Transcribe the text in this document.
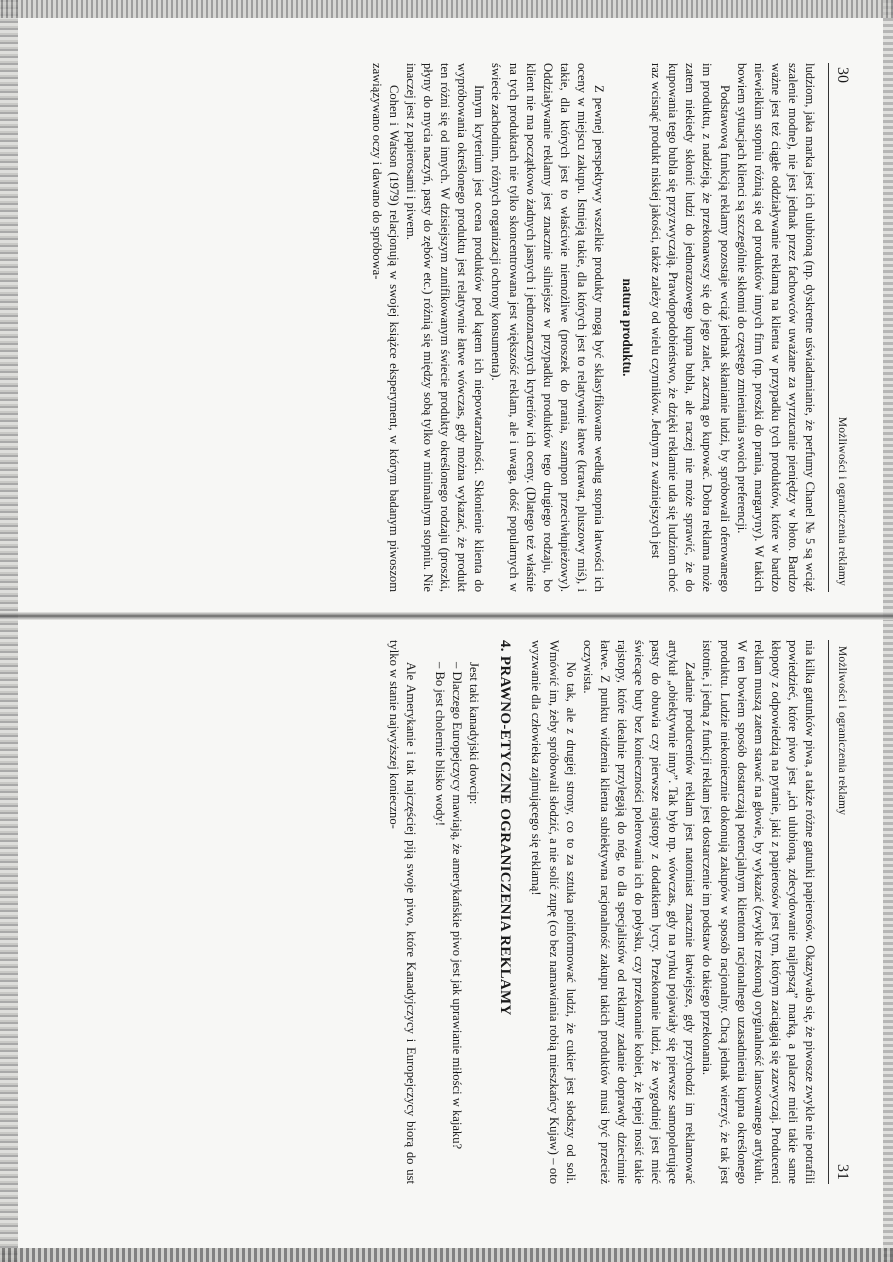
30
Możliwości i ograniczenia reklamy

ludziom, jaka marka jest ich ulubioną (np. dyskretne uświadamianie, że perfumy Chanel № 5 są wciąż szalenie modne), nie jest jednak przez fachowców uważane za wyrzucanie pieniędzy w błoto. Bardzo ważne jest też ciągłe oddziaływanie reklamą na klienta w przypadku tych produktów, które w bardzo niewielkim stopniu różnią się od produktów innych firm (np. proszki do prania, margaryny). W takich bowiem sytuacjach klienci są szczególnie skłonni do częstego zmieniania swoich preferencji.

Podstawową funkcją reklamy pozostaje wciąż jednak skłanianie ludzi, by spróbowali oferowanego im produktu, z nadzieją, że przekonawszy się do jego zalet, zaczną go kupować. Dobra reklama może zatem niekiedy skłonić ludzi do jednorazowego kupna bubla, ale raczej nie może sprawić, że do kupowania tego bubla się przyzwyczają. Prawdopodobieństwo, że dzięki reklamie uda się ludziom choć raz wcisnąć produkt niskiej jakości, także zależy od wielu czynników. Jednym z ważniejszych jest

natura produktu.

Z pewnej perspektywy wszelkie produkty mogą być sklasyfikowane według stopnia łatwości ich oceny w miejscu zakupu. Istnieją takie, dla których jest to relatywnie łatwe (krawat, pluszowy miś), i takie, dla których jest to właściwie niemożliwe (proszek do prania, szampon przeciwłupieżowy). Oddziaływanie reklamy jest znacznie silniejsze w przypadku produktów tego drugiego rodzaju, bo klient nie ma początkowo żadnych jasnych i jednoznacznych kryteriów ich oceny. (Dlatego też właśnie na tych produktach nie tylko skoncentrowana jest większość reklam, ale i uwaga, dość popularnych w świecie zachodnim, różnych organizacji ochrony konsumenta).

Innym kryterium jest ocena produktów pod kątem ich niepowtarzalności. Skłonienie klienta do wypróbowania określonego produktu jest relatywnie łatwe wówczas, gdy można wykazać, że produkt ten różni się od innych. W dzisiejszym zunifikowanym świecie produkty określonego rodzaju (proszki, płyny do mycia naczyń, pasty do zębów etc.) różnią się między sobą tylko w minimalnym stopniu. Nie inaczej jest z papierosami i piwem.

Cohen i Watson (1979) relacjonują w swojej książce eksperyment, w którym badanym piwoszom zawiązywano oczy i dawano do spróbowa-

Możliwości i ograniczenia reklamy
31

nia kilka gatunków piwa, a także różne gatunki papierosów. Okazywało się, że piwosze zwykle nie potrafili powiedzieć, które piwo jest „ich ulubioną, zdecydowanie najlepszą” marką, a palacze mieli takie same kłopoty z odpowiedzią na pytanie, jaki z papierosów jest tym, którym zaciągają się zazwyczaj. Producenci reklam muszą zatem stawać na głowie, by wykazać (zwykle rzekomą) oryginalność lansowanego artykułu. W ten bowiem sposób dostarczają potencjalnym klientom racjonalnego uzasadnienia kupna określonego produktu. Ludzie niekoniecznie dokonują zakupów w sposób racjonalny. Chcą jednak wierzyć, że tak jest istotnie, i jedną z funkcji reklam jest dostarczenie im podstaw do takiego przekonania.

Zadanie producentów reklam jest natomiast znacznie łatwiejsze, gdy przychodzi im reklamować artykuł „obiektywnie inny”. Tak było np. wówczas, gdy na rynku pojawiały się pierwsze samopolerujące pasty do obuwia czy pierwsze rajstopy z dodatkiem lycry. Przekonanie ludzi, że wygodniej jest mieć świecące buty bez konieczności polerowania ich do połysku, czy przekonanie kobiet, że lepiej nosić takie rajstopy, które idealnie przylegają do nóg, to dla specjalistów od reklamy zadanie doprawdy dziecinnie łatwe. Z punktu widzenia klienta subiektywna racjonalność zakupu takich produktów musi być przecież oczywista.

No tak, ale z drugiej strony, co to za sztuka poinformować ludzi, że cukier jest słodszy od soli. Wmówić im, żeby spróbowali słodzić, a nie solić zupę (co bez namawiania robią mieszkańcy Kujaw) – oto wyzwanie dla człowieka zajmującego się reklamą!

4. PRAWNO-ETYCZNE OGRANICZENIA REKLAMY

Jest taki kanadyjski dowcip:

– Dlaczego Europejczycy mawiają, że amerykańskie piwo jest jak uprawianie miłości w kajaku?
– Bo jest cholernie blisko wody!

Ale Amerykanie i tak najczęściej piją swoje piwo, które Kanadyjczycy i Europejczycy biorą do ust tylko w stanie najwyższej konieczno-
